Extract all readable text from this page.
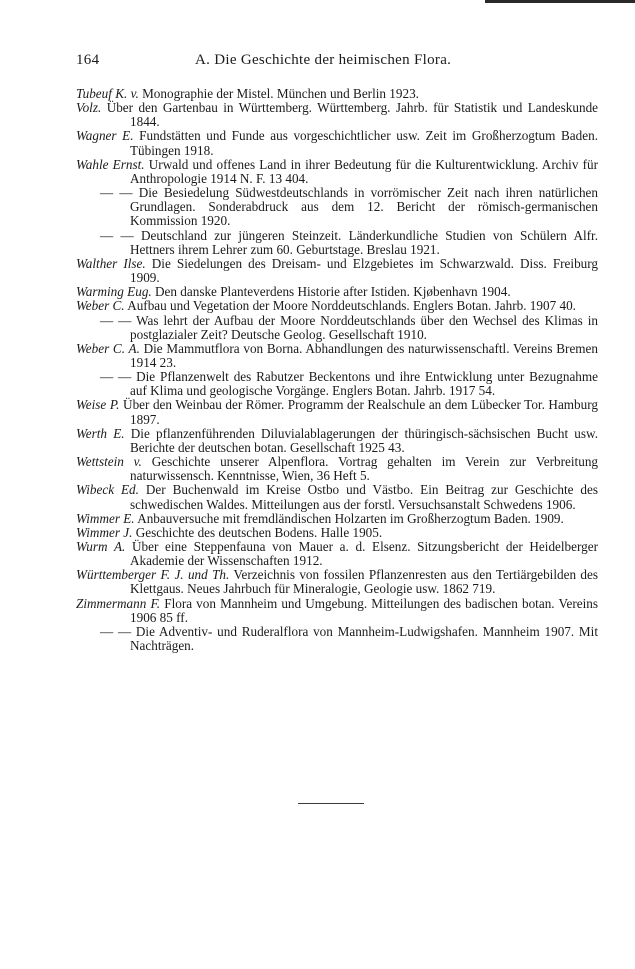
164	A. Die Geschichte der heimischen Flora.
Tubeuf K. v. Monographie der Mistel. München und Berlin 1923.
Volz. Über den Gartenbau in Württemberg. Württemberg. Jahrb. für Statistik und Landeskunde 1844.
Wagner E. Fundstätten und Funde aus vorgeschichtlicher usw. Zeit im Großherzogtum Baden. Tübingen 1918.
Wahle Ernst. Urwald und offenes Land in ihrer Bedeutung für die Kulturentwicklung. Archiv für Anthropologie 1914 N. F. 13 404.
— — Die Besiedelung Südwestdeutschlands in vorrömischer Zeit nach ihren natürlichen Grundlagen. Sonderabdruck aus dem 12. Bericht der römisch-germanischen Kommission 1920.
— — Deutschland zur jüngeren Steinzeit. Länderkundliche Studien von Schülern Alfr. Hettners ihrem Lehrer zum 60. Geburtstage. Breslau 1921.
Walther Ilse. Die Siedelungen des Dreisam- und Elzgebietes im Schwarzwald. Diss. Freiburg 1909.
Warming Eug. Den danske Planteverdens Historie after Istiden. Kjøbenhavn 1904.
Weber C. Aufbau und Vegetation der Moore Norddeutschlands. Englers Botan. Jahrb. 1907 40.
— — Was lehrt der Aufbau der Moore Norddeutschlands über den Wechsel des Klimas in postglazialer Zeit? Deutsche Geolog. Gesellschaft 1910.
Weber C. A. Die Mammutflora von Borna. Abhandlungen des naturwissenschaftl. Vereins Bremen 1914 23.
— — Die Pflanzenwelt des Rabutzer Beckentons und ihre Entwicklung unter Bezugnahme auf Klima und geologische Vorgänge. Englers Botan. Jahrb. 1917 54.
Weise P. Über den Weinbau der Römer. Programm der Realschule an dem Lübecker Tor. Hamburg 1897.
Werth E. Die pflanzenführenden Diluvialablagerungen der thüringisch-sächsischen Bucht usw. Berichte der deutschen botan. Gesellschaft 1925 43.
Wettstein v. Geschichte unserer Alpenflora. Vortrag gehalten im Verein zur Verbreitung naturwissensch. Kenntnisse, Wien, 36 Heft 5.
Wibeck Ed. Der Buchenwald im Kreise Ostbo und Västbo. Ein Beitrag zur Geschichte des schwedischen Waldes. Mitteilungen aus der forstl. Versuchsanstalt Schwedens 1906.
Wimmer E. Anbauversuche mit fremdländischen Holzarten im Großherzogtum Baden. 1909.
Wimmer J. Geschichte des deutschen Bodens. Halle 1905.
Wurm A. Über eine Steppenfauna von Mauer a. d. Elsenz. Sitzungsbericht der Heidelberger Akademie der Wissenschaften 1912.
Württemberger F. J. und Th. Verzeichnis von fossilen Pflanzenresten aus den Tertiärgebilden des Klettgaus. Neues Jahrbuch für Mineralogie, Geologie usw. 1862 719.
Zimmermann F. Flora von Mannheim und Umgebung. Mitteilungen des badischen botan. Vereins 1906 85 ff.
— — Die Adventiv- und Ruderalflora von Mannheim-Ludwigshafen. Mannheim 1907. Mit Nachträgen.
